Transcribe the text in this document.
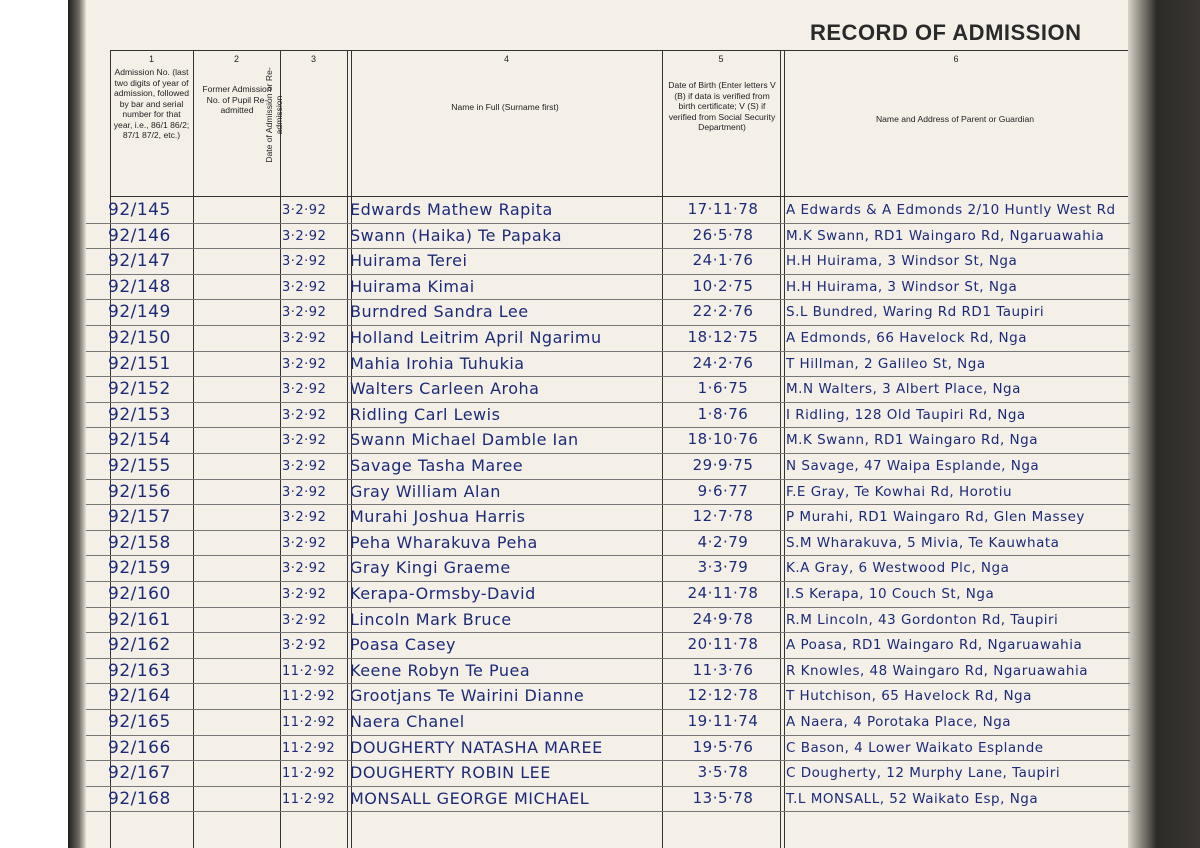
RECORD OF ADMISSION
1	2	3	4	5	6
Admission No. (last two digits of year of admission, followed by bar and serial number for that year, i.e., 86/1 86/2; 87/1 87/2, etc.)
Former Admission No. of Pupil Re-admitted	Date of Admission or Re-admission	Name in Full (Surname first)
Date of Birth (Enter letters V (B) if data is verified from birth certificate; V (S) if verified from Social Security Department)
Name and Address of Parent or Guardian
92/145	3·2·92	Edwards Mathew Rapita	17·11·78	A Edwards & A Edmonds 2/10 Huntly West Rd
92/146	3·2·92	Swann (Haika) Te Papaka	26·5·78	M.K Swann, RD1 Waingaro Rd, Ngaruawahia
92/147	3·2·92	Huirama Terei	24·1·76	H.H Huirama, 3 Windsor St, Nga
92/148	3·2·92	Huirama Kimai	10·2·75	H.H Huirama, 3 Windsor St, Nga
92/149	3·2·92	Burndred Sandra Lee	22·2·76	S.L Bundred, Waring Rd RD1 Taupiri
92/150	3·2·92	Holland Leitrim April Ngarimu	18·12·75	A Edmonds, 66 Havelock Rd, Nga
92/151	3·2·92	Mahia Irohia Tuhukia	24·2·76	T Hillman, 2 Galileo St, Nga
92/152	3·2·92	Walters Carleen Aroha	1·6·75	M.N Walters, 3 Albert Place, Nga
92/153	3·2·92	Ridling Carl Lewis	1·8·76	I Ridling, 128 Old Taupiri Rd, Nga
92/154	3·2·92	Swann Michael Damble Ian	18·10·76	M.K Swann, RD1 Waingaro Rd, Nga
92/155	3·2·92	Savage Tasha Maree	29·9·75	N Savage, 47 Waipa Esplande, Nga
92/156	3·2·92	Gray William Alan	9·6·77	F.E Gray, Te Kowhai Rd, Horotiu
92/157	3·2·92	Murahi Joshua Harris	12·7·78	P Murahi, RD1 Waingaro Rd, Glen Massey
92/158	3·2·92	Peha Wharakuva Peha	4·2·79	S.M Wharakuva, 5 Mivia, Te Kauwhata
92/159	3·2·92	Gray Kingi Graeme	3·3·79	K.A Gray, 6 Westwood Plc, Nga
92/160	3·2·92	Kerapa-Ormsby-David	24·11·78	I.S Kerapa, 10 Couch St, Nga
92/161	3·2·92	Lincoln Mark Bruce	24·9·78	R.M Lincoln, 43 Gordonton Rd, Taupiri
92/162	3·2·92	Poasa Casey	20·11·78	A Poasa, RD1 Waingaro Rd, Ngaruawahia
92/163	11·2·92 Keene Robyn Te Puea	11·3·76	R Knowles, 48 Waingaro Rd, Ngaruawahia
92/164	11·2·92 Grootjans Te Wairini Dianne	12·12·78	T Hutchison, 65 Havelock Rd, Nga
92/165	11·2·92 Naera Chanel	19·11·74	A Naera, 4 Porotaka Place, Nga
92/166	11·2·92 DOUGHERTY NATASHA MAREE	19·5·76	C Bason, 4 Lower Waikato Esplande
92/167	11·2·92 DOUGHERTY ROBIN LEE	3·5·78	C Dougherty, 12 Murphy Lane, Taupiri
92/168	11·2·92 MONSALL GEORGE MICHAEL	13·5·78	T.L MONSALL, 52 Waikato Esp, Nga
